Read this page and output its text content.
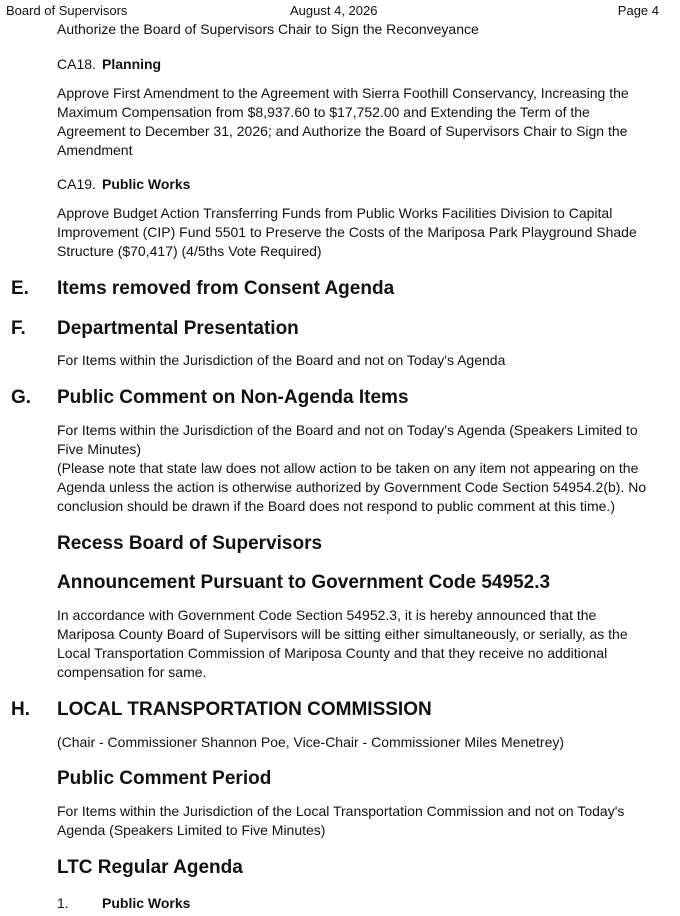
Board of Supervisors	August 4, 2026	Page 4
Authorize the Board of Supervisors Chair to Sign the Reconveyance
CA18. Planning
Approve First Amendment to the Agreement with Sierra Foothill Conservancy, Increasing the Maximum Compensation from $8,937.60 to $17,752.00 and Extending the Term of the Agreement to December 31, 2026; and Authorize the Board of Supervisors Chair to Sign the Amendment
CA19. Public Works
Approve Budget Action Transferring Funds from Public Works Facilities Division to Capital Improvement (CIP) Fund 5501 to Preserve the Costs of the Mariposa Park Playground Shade Structure ($70,417) (4/5ths Vote Required)
E. Items removed from Consent Agenda
F. Departmental Presentation
For Items within the Jurisdiction of the Board and not on Today's Agenda
G. Public Comment on Non-Agenda Items
For Items within the Jurisdiction of the Board and not on Today's Agenda (Speakers Limited to Five Minutes)
(Please note that state law does not allow action to be taken on any item not appearing on the Agenda unless the action is otherwise authorized by Government Code Section 54954.2(b). No conclusion should be drawn if the Board does not respond to public comment at this time.)
Recess Board of Supervisors
Announcement Pursuant to Government Code 54952.3
In accordance with Government Code Section 54952.3, it is hereby announced that the Mariposa County Board of Supervisors will be sitting either simultaneously, or serially, as the Local Transportation Commission of Mariposa County and that they receive no additional compensation for same.
H. LOCAL TRANSPORTATION COMMISSION
(Chair - Commissioner Shannon Poe, Vice-Chair - Commissioner Miles Menetrey)
Public Comment Period
For Items within the Jurisdiction of the Local Transportation Commission and not on Today's Agenda (Speakers Limited to Five Minutes)
LTC Regular Agenda
1. Public Works
